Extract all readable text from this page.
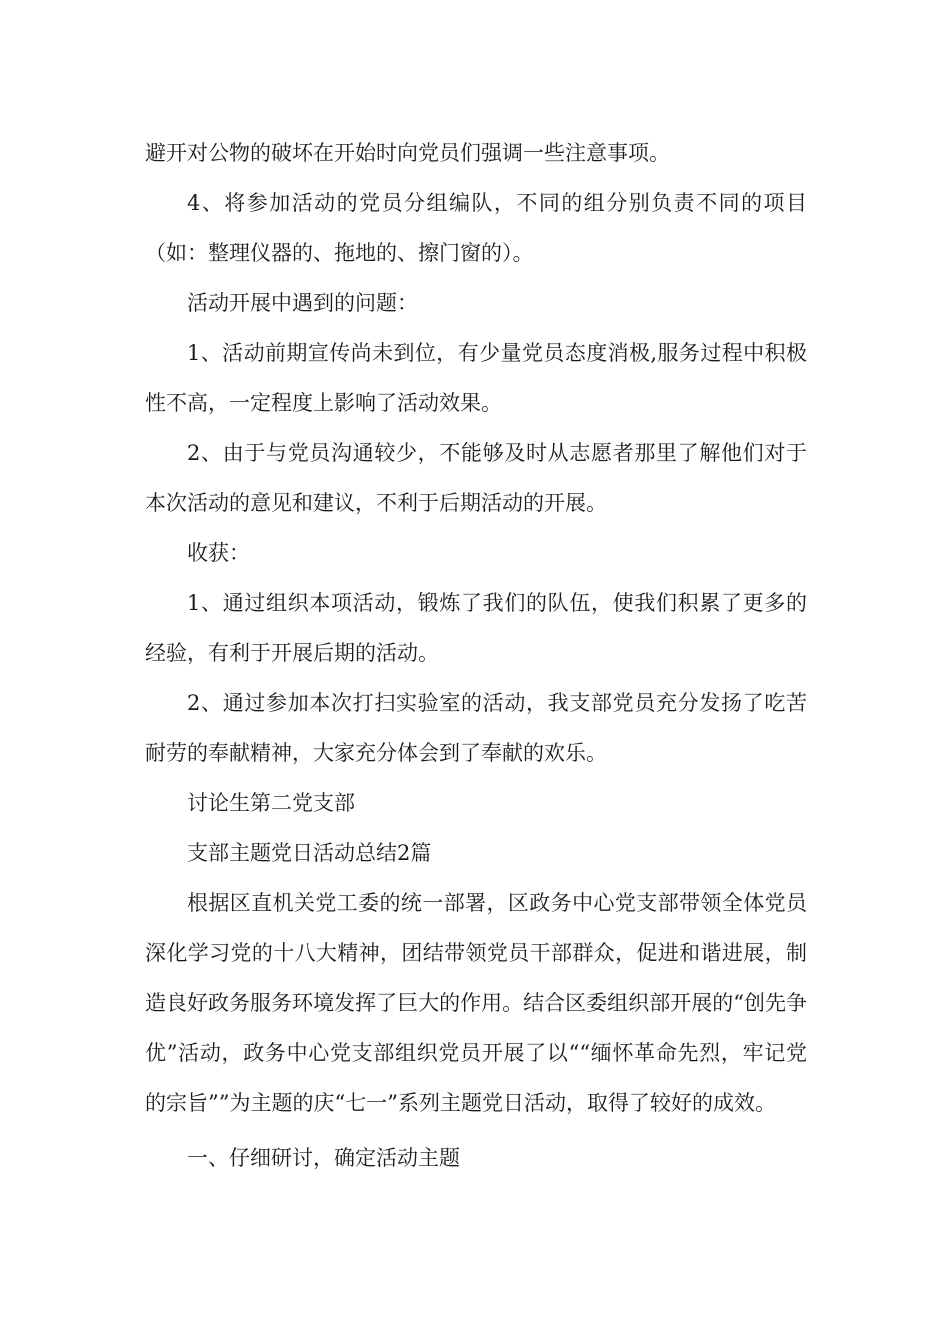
避开对公物的破坏在开始时向党员们强调一些注意事项。

4、将参加活动的党员分组编队，不同的组分别负责不同的项目（如：整理仪器的、拖地的、擦门窗的）。

活动开展中遇到的问题：

1、活动前期宣传尚未到位，有少量党员态度消极,服务过程中积极性不高，一定程度上影响了活动效果。

2、由于与党员沟通较少，不能够及时从志愿者那里了解他们对于本次活动的意见和建议，不利于后期活动的开展。

收获：

1、通过组织本项活动，锻炼了我们的队伍，使我们积累了更多的经验，有利于开展后期的活动。

2、通过参加本次打扫实验室的活动，我支部党员充分发扬了吃苦耐劳的奉献精神，大家充分体会到了奉献的欢乐。

讨论生第二党支部

支部主题党日活动总结2篇

根据区直机关党工委的统一部署，区政务中心党支部带领全体党员深化学习党的十八大精神，团结带领党员干部群众，促进和谐进展，制造良好政务服务环境发挥了巨大的作用。结合区委组织部开展的“创先争优”活动，政务中心党支部组织党员开展了以““缅怀革命先烈，牢记党的宗旨””为主题的庆“七一”系列主题党日活动，取得了较好的成效。

一、仔细研讨，确定活动主题
